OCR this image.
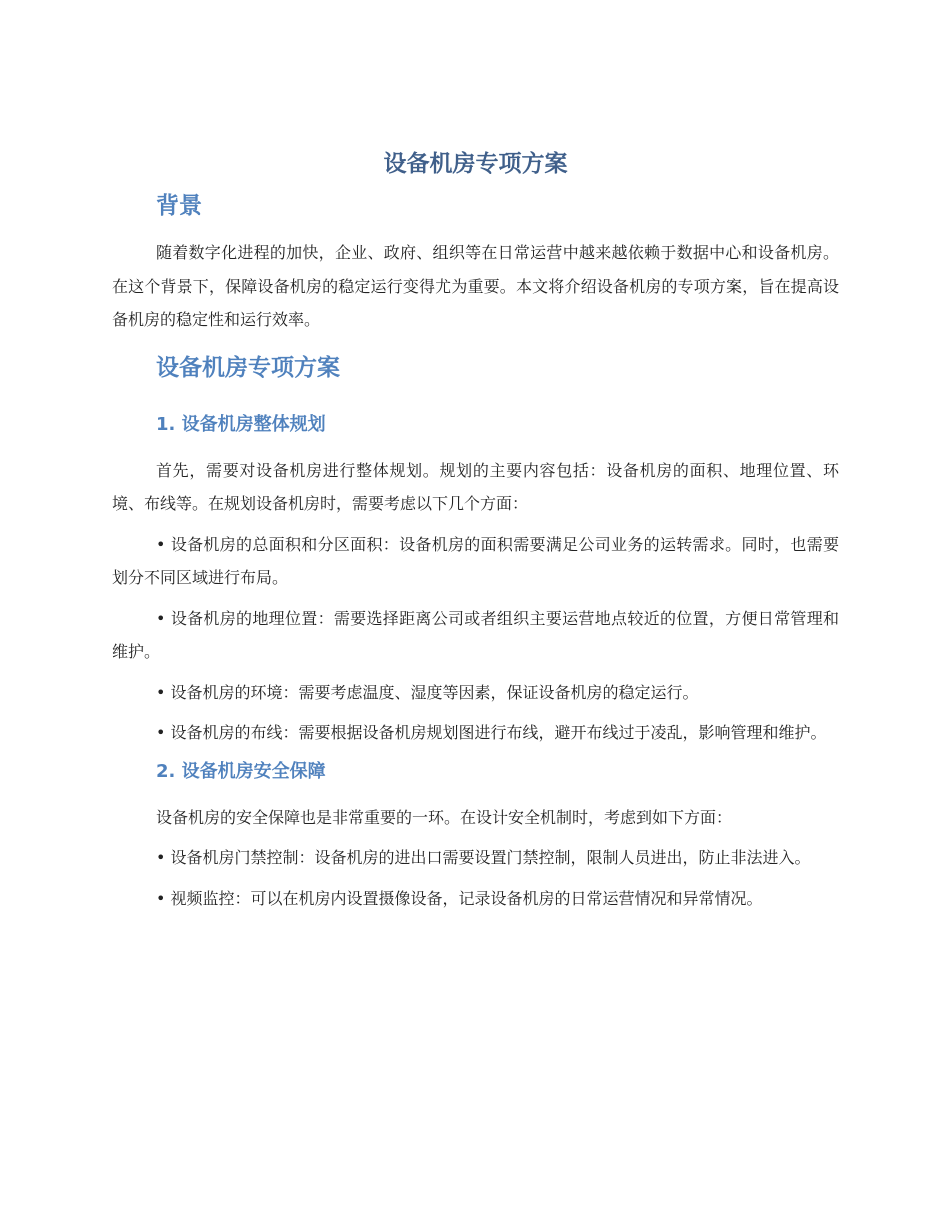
设备机房专项方案
背景

随着数字化进程的加快，企业、政府、组织等在日常运营中越来越依赖于数据中心和设备机房。在这个背景下，保障设备机房的稳定运行变得尤为重要。本文将介绍设备机房的专项方案，旨在提高设备机房的稳定性和运行效率。

设备机房专项方案
1. 设备机房整体规划

首先，需要对设备机房进行整体规划。规划的主要内容包括：设备机房的面积、地理位置、环境、布线等。在规划设备机房时，需要考虑以下几个方面：

• 设备机房的总面积和分区面积：设备机房的面积需要满足公司业务的运转需求。同时，也需要划分不同区域进行布局。

• 设备机房的地理位置：需要选择距离公司或者组织主要运营地点较近的位置，方便日常管理和维护。

• 设备机房的环境：需要考虑温度、湿度等因素，保证设备机房的稳定运行。

• 设备机房的布线：需要根据设备机房规划图进行布线，避开布线过于凌乱，影响管理和维护。

2. 设备机房安全保障

设备机房的安全保障也是非常重要的一环。在设计安全机制时，考虑到如下方面：

• 设备机房门禁控制：设备机房的进出口需要设置门禁控制，限制人员进出，防止非法进入。

• 视频监控：可以在机房内设置摄像设备，记录设备机房的日常运营情况和异常情况。
